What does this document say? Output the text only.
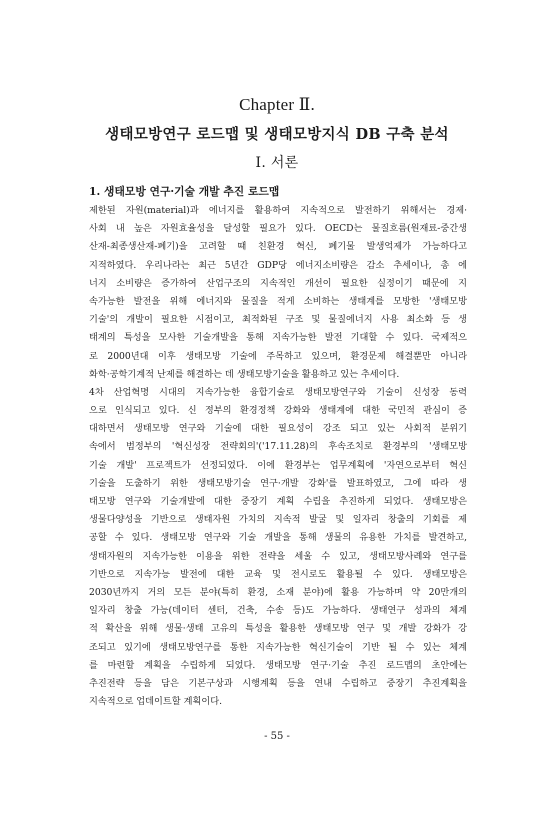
Chapter Ⅱ.
생태모방연구 로드맵 및 생태모방지식 DB 구축 분석
Ⅰ. 서론
1. 생태모방 연구·기술 개발 추진 로드맵
제한된 자원(material)과 에너지를 활용하여 지속적으로 발전하기 위해서는 경제·
사회 내 높은 자원효율성을 달성할 필요가 있다. OECD는 물질흐름(원재료-중간생
산재-최종생산재-폐기)을 고려할 때 친환경 혁신, 폐기물 발생억제가 가능하다고
지적하였다. 우리나라는 최근 5년간 GDP당 에너지소비량은 감소 추세이나, 총 에
너지 소비량은 증가하여 산업구조의 지속적인 개선이 필요한 실정이기 때문에 지
속가능한 발전을 위해 에너지와 물질을 적게 소비하는 생태계를 모방한 '생태모방
기술'의 개발이 필요한 시점이고, 최적화된 구조 및 물질에너지 사용 최소화 등 생
태계의 특성을 모사한 기술개발을 통해 지속가능한 발전 기대할 수 있다. 국제적으
로 2000년대 이후 생태모방 기술에 주목하고 있으며, 환경문제 해결뿐만 아니라
화학·공학기계적 난제를 해결하는 데 생태모방기술을 활용하고 있는 추세이다.
4차 산업혁명 시대의 지속가능한 융합기술로 생태모방연구와 기술이 신성장 동력
으로 인식되고 있다. 신 정부의 환경정책 강화와 생태계에 대한 국민적 관심이 증
대하면서 생태모방 연구와 기술에 대한 필요성이 강조 되고 있는 사회적 분위기
속에서 범정부의 '혁신성장 전략회의'('17.11.28)의 후속조치로 환경부의 '생태모방
기술 개발' 프로젝트가 선정되었다. 이에 환경부는 업무계획에 '자연으로부터 혁신
기술을 도출하기 위한 생태모방기술 연구·개발 강화'를 발표하였고, 그에 따라 생
태모방 연구와 기술개발에 대한 중장기 계획 수립을 추진하게 되었다. 생태모방은
생물다양성을 기반으로 생태자원 가치의 지속적 발굴 및 일자리 창출의 기회를 제
공할 수 있다. 생태모방 연구와 기술 개발을 통해 생물의 유용한 가치를 발견하고,
생태자원의 지속가능한 이용을 위한 전략을 세울 수 있고, 생태모방사례와 연구를
기반으로 지속가능 발전에 대한 교육 및 전시로도 활용될 수 있다. 생태모방은
2030년까지 거의 모든 분야(특히 환경, 소재 분야)에 활용 가능하며 약 20만개의
일자리 창출 가능(데이터 센터, 건축, 수송 등)도 가능하다. 생태연구 성과의 체계
적 확산을 위해 생물·생태 고유의 특성을 활용한 생태모방 연구 및 개발 강화가 강
조되고 있기에 생태모방연구를 통한 지속가능한 혁신기술이 기반 될 수 있는 체계
를 마련할 계획을 수립하게 되었다. 생태모방 연구·기술 추진 로드맵의 초안에는
추진전략 등을 담은 기본구상과 시행계획 등을 연내 수립하고 중장기 추진계획을
지속적으로 업데이트할 계획이다.
- 55 -
